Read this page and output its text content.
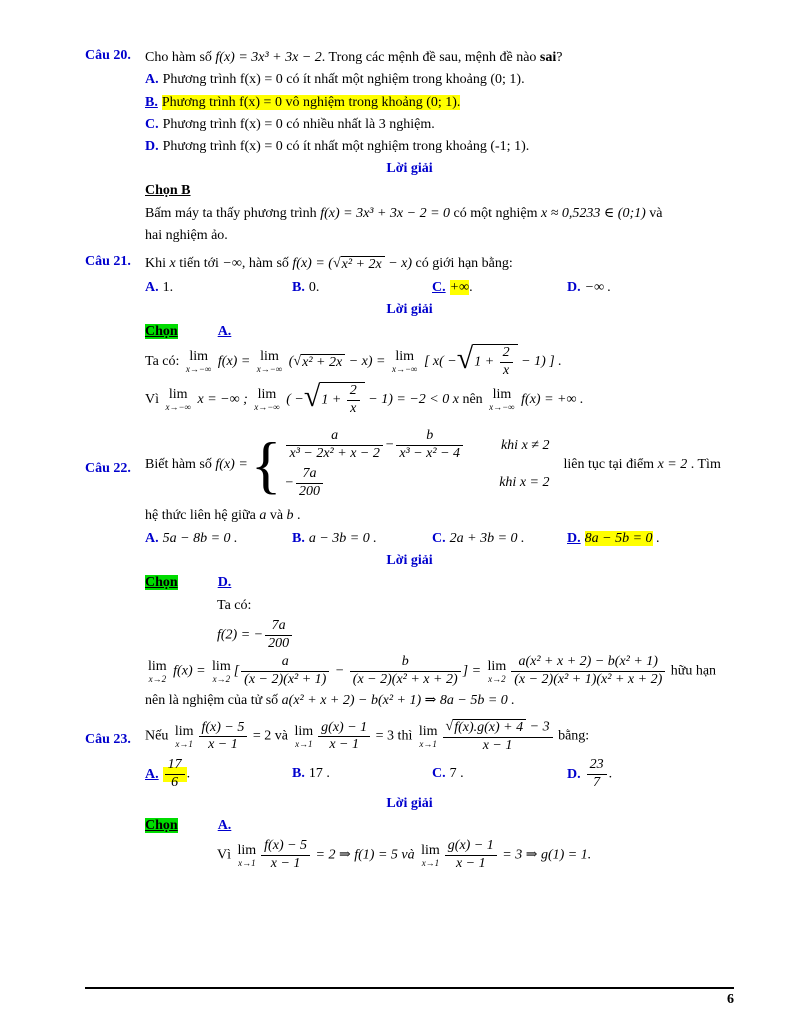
Câu 20. Cho hàm số f(x) = 3x³ + 3x − 2. Trong các mệnh đề sau, mệnh đề nào sai?
A. Phương trình f(x) = 0 có ít nhất một nghiệm trong khoảng (0; 1).
B. Phương trình f(x) = 0 vô nghiệm trong khoảng (0; 1).
C. Phương trình f(x) = 0 có nhiều nhất là 3 nghiệm.
D. Phương trình f(x) = 0 có ít nhất một nghiệm trong khoảng (-1; 1).
Lời giải
Chọn B
Bấm máy ta thấy phương trình f(x) = 3x³ + 3x − 2 = 0 có một nghiệm x ≈ 0,5233 ∈ (0;1) và
hai nghiệm ảo.
Câu 21. Khi x tiến tới −∞, hàm số f(x) = ( √ x² + 2x − x) có giới hạn bằng:
A. 1.	B. 0.	C. +∞.	D. −∞ .
Lời giải
Chọn	A.
Ta có: lim
x→−∞ f(x) = lim
x→−∞ ( √ x² + 2x − x) = lim
x→−∞ [ x( − √ $1 + \frac{2}{x} - 1$) ] .
Vì lim
x→−∞ x = −∞ ; lim
x→−∞ ( − √ $1 + \frac{2}{x} - 1) = -2 < 0$ x nên lim
x→−∞ f(x) = +∞ .
Câu 22. Biết hàm số
f(x) = { $\frac{a}{\text{x³ − 2x² + x − 2}} - \frac{b}{\text{x³ − x² − 4}}$	khi x ≠ 2
− $\frac{7a}{200}$	khi x = 2
liên tục tại điểm x = 2 . Tìm
hệ thức liên hệ giữa a và b .
A. 5a − 8b = 0 .	B. a − 3b = 0 .	C. 2a + 3b = 0 .	D. 8a − 5b = 0 .
Lời giải
Chọn	D.
Ta có:
f(2) = − $\frac{7a}{200}$
lim
x→2 f(x) = lim
x→2 [ $\frac{a}{\text{(x − 2)(x² + 1)}} - \frac{b}{\text{(x − 2)(x² + x + 2)}}$ ] = lim
$x\to 2 \frac{\text{a(x² + x + 2) − b(x² + 1)}}{\text{(x − 2)(x² + 1)(x² + x + 2)}}$ hữu hạn
nên là nghiệm của tử số a(x² + x + 2) − b(x² + 1) ⇒ 8a − 5b = 0 .
Câu 23. Nếu lim
$x\to 1 \frac{f(x) - 5}{x - 1} = 2$ và lim
$x\to 1 \frac{g(x) - 1}{x - 1} = 3$ thì lim
$x\to 1 \frac{√ f(x).g(x) + 4 - 3}{x - 1}$ bằng:
A. $\frac{17}{6}$ .	B. 17 .	C. 7 .	D. $\frac{23}{7}$ .
Lời giải
Chọn	A.
Vì lim
$x\to 1 \frac{f(x) - 5}{x - 1} = 2$ ⇒ f(1) = 5 và lim
$x\to 1 \frac{g(x) - 1}{x - 1} = 3$ ⇒ g(1) = 1.
6
